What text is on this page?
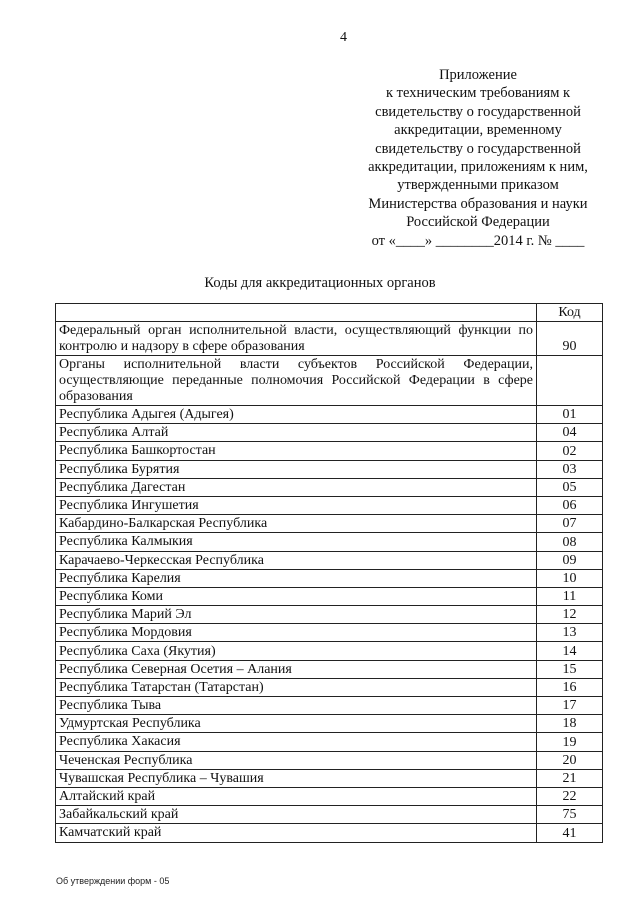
4
Приложение
к техническим требованиям к
свидетельству о государственной
аккредитации, временному
свидетельству о государственной
аккредитации, приложениям к ним,
утвержденными приказом
Министерства образования и науки
Российской Федерации
от «____» ________2014 г. № ____
Коды для аккредитационных органов
	Код
Федеральный орган исполнительной власти, осуществляющий функции по контролю и надзору в сфере образования	90
Органы исполнительной власти субъектов Российской Федерации, осуществляющие переданные полномочия Российской Федерации в сфере образования	
Республика Адыгея (Адыгея)	01
Республика Алтай	04
Республика Башкортостан	02
Республика Бурятия	03
Республика Дагестан	05
Республика Ингушетия	06
Кабардино-Балкарская Республика	07
Республика Калмыкия	08
Карачаево-Черкесская Республика	09
Республика Карелия	10
Республика Коми	11
Республика Марий Эл	12
Республика Мордовия	13
Республика Саха (Якутия)	14
Республика Северная Осетия – Алания	15
Республика Татарстан (Татарстан)	16
Республика Тыва	17
Удмуртская Республика	18
Республика Хакасия	19
Чеченская Республика	20
Чувашская Республика – Чувашия	21
Алтайский край	22
Забайкальский край	75
Камчатский край	41
Об утверждении форм - 05
